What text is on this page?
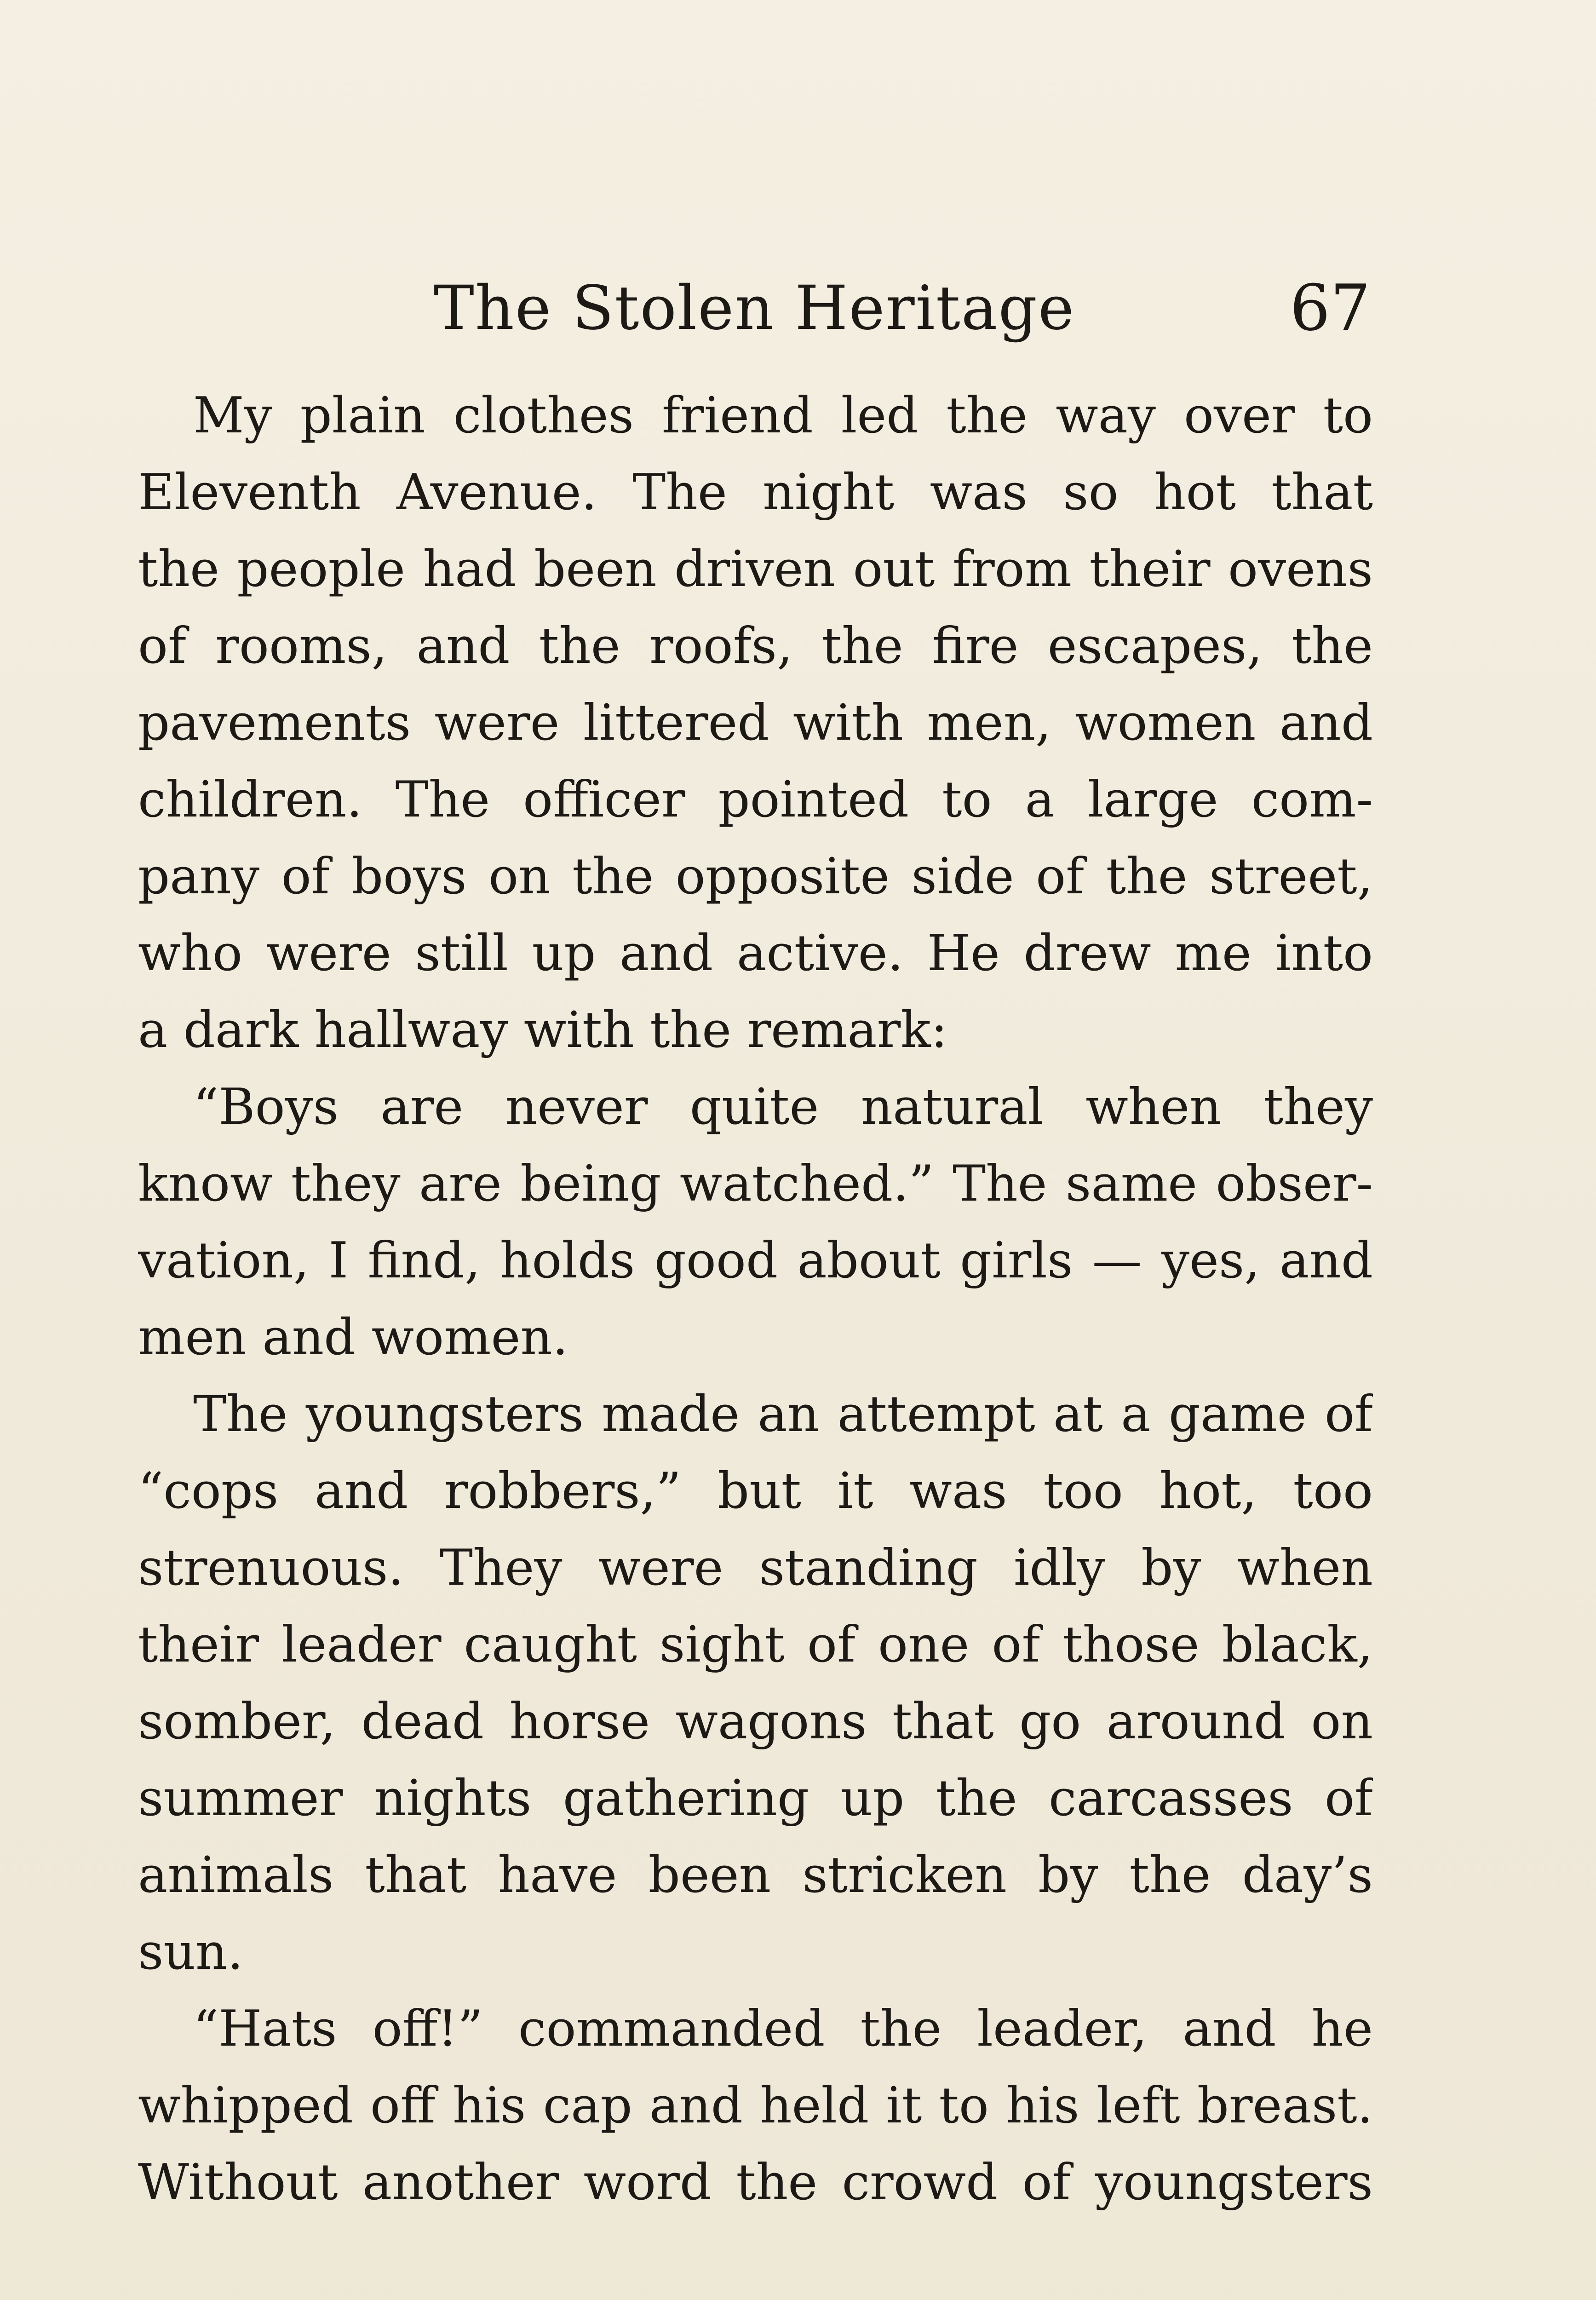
The Stolen Heritage	67
My plain clothes friend led the way over to
Eleventh Avenue. The night was so hot that
the people had been driven out from their ovens
of rooms, and the roofs, the fire escapes, the
pavements were littered with men, women and
children. The officer pointed to a large com-
pany of boys on the opposite side of the street,
who were still up and active. He drew me into
a dark hallway with the remark:
“Boys are never quite natural when they
know they are being watched.” The same obser-
vation, I find, holds good about girls — yes, and
men and women.
The youngsters made an attempt at a game of
“cops and robbers,” but it was too hot, too
strenuous. They were standing idly by when
their leader caught sight of one of those black,
somber, dead horse wagons that go around on
summer nights gathering up the carcasses of
animals that have been stricken by the day’s
sun.
“Hats off!” commanded the leader, and he
whipped off his cap and held it to his left breast.
Without another word the crowd of youngsters
